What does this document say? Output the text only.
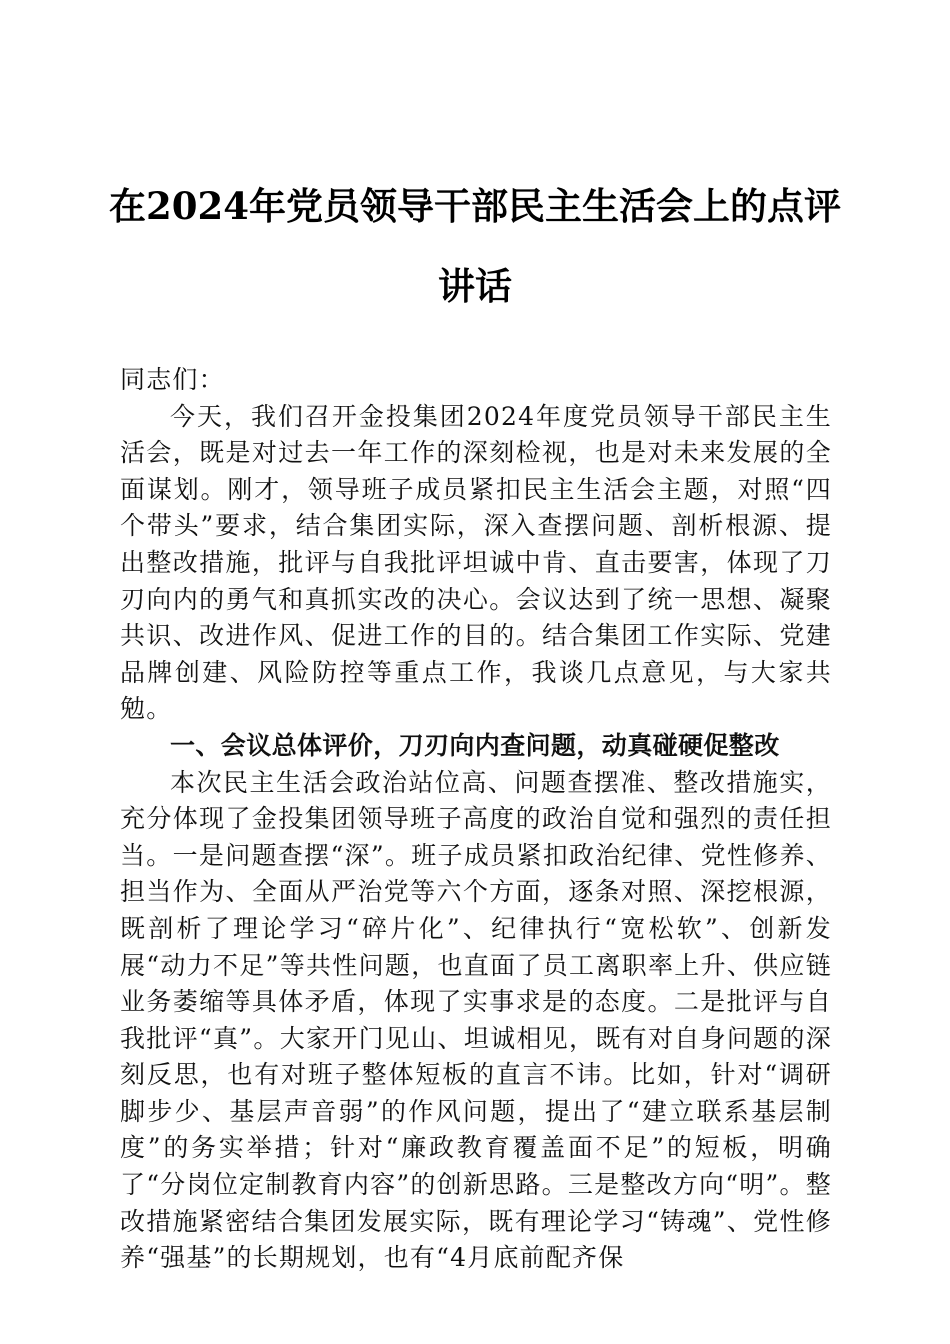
在2024年党员领导干部民主生活会上的点评
讲话

同志们：

今天，我们召开金投集团2024年度党员领导干部民主生活会，既是对过去一年工作的深刻检视，也是对未来发展的全面谋划。刚才，领导班子成员紧扣民主生活会主题，对照“四个带头”要求，结合集团实际，深入查摆问题、剖析根源、提出整改措施，批评与自我批评坦诚中肯、直击要害，体现了刀刃向内的勇气和真抓实改的决心。会议达到了统一思想、凝聚共识、改进作风、促进工作的目的。结合集团工作实际、党建品牌创建、风险防控等重点工作，我谈几点意见，与大家共勉。

一、会议总体评价，刀刃向内查问题，动真碰硬促整改

本次民主生活会政治站位高、问题查摆准、整改措施实，充分体现了金投集团领导班子高度的政治自觉和强烈的责任担当。一是问题查摆“深”。班子成员紧扣政治纪律、党性修养、担当作为、全面从严治党等六个方面，逐条对照、深挖根源，既剖析了理论学习“碎片化”、纪律执行“宽松软”、创新发展“动力不足”等共性问题，也直面了员工离职率上升、供应链业务萎缩等具体矛盾，体现了实事求是的态度。二是批评与自我批评“真”。大家开门见山、坦诚相见，既有对自身问题的深刻反思，也有对班子整体短板的直言不讳。比如，针对“调研脚步少、基层声音弱”的作风问题，提出了“建立联系基层制度”的务实举措；针对“廉政教育覆盖面不足”的短板，明确了“分岗位定制教育内容”的创新思路。三是整改方向“明”。整改措施紧密结合集团发展实际，既有理论学习“铸魂”、党性修养“强基”的长期规划，也有“4月底前配齐保
